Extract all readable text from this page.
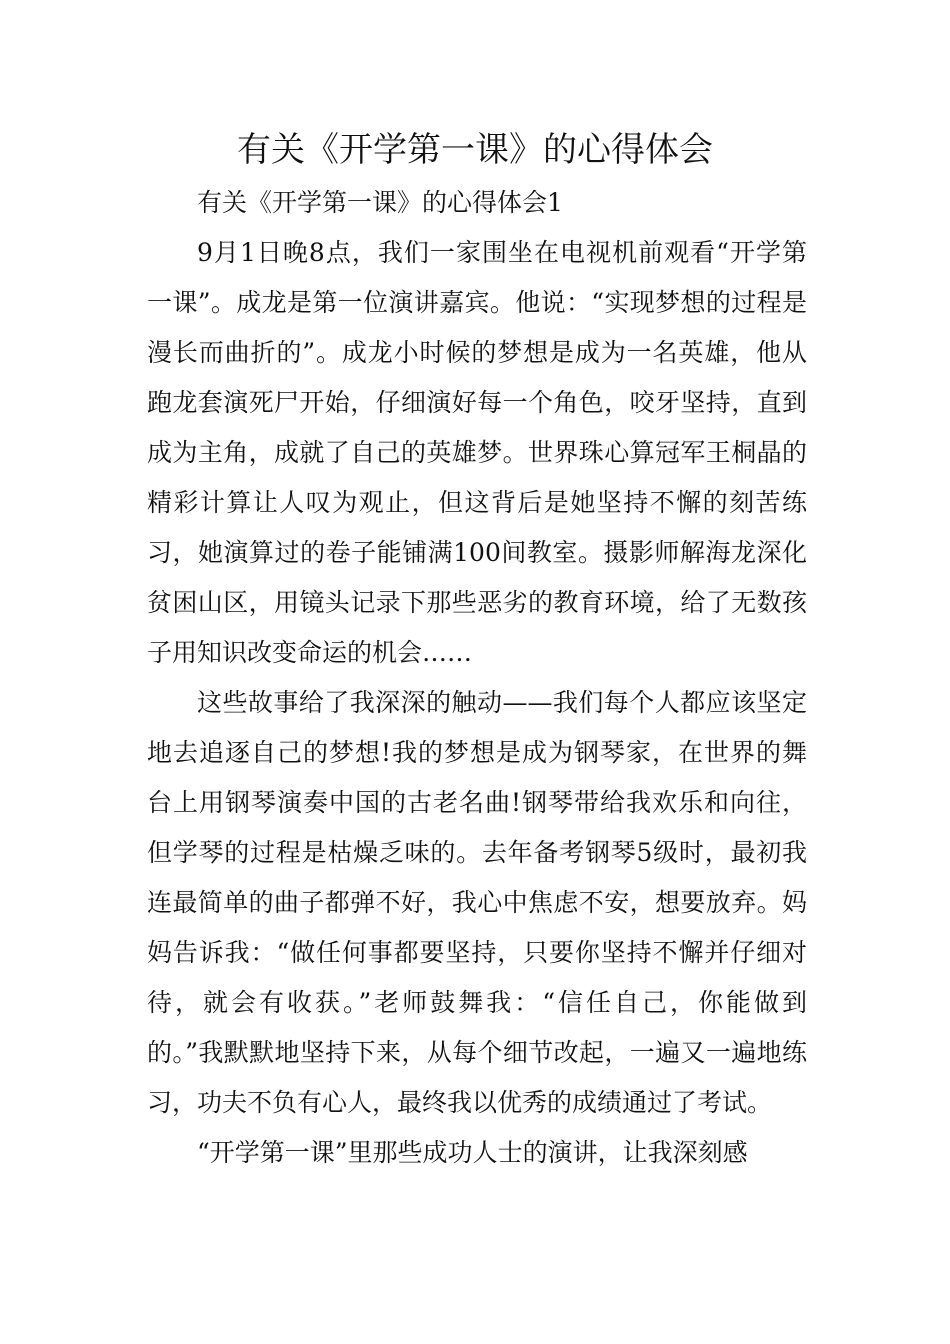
有关《开学第一课》的心得体会

有关《开学第一课》的心得体会1

9月1日晚8点，我们一家围坐在电视机前观看“开学第一课”。成龙是第一位演讲嘉宾。他说：“实现梦想的过程是漫长而曲折的”。成龙小时候的梦想是成为一名英雄，他从跑龙套演死尸开始，仔细演好每一个角色，咬牙坚持，直到成为主角，成就了自己的英雄梦。世界珠心算冠军王桐晶的精彩计算让人叹为观止，但这背后是她坚持不懈的刻苦练习，她演算过的卷子能铺满100间教室。摄影师解海龙深化贫困山区，用镜头记录下那些恶劣的教育环境，给了无数孩子用知识改变命运的机会……

这些故事给了我深深的触动——我们每个人都应该坚定地去追逐自己的梦想!我的梦想是成为钢琴家，在世界的舞台上用钢琴演奏中国的古老名曲!钢琴带给我欢乐和向往，但学琴的过程是枯燥乏味的。去年备考钢琴5级时，最初我连最简单的曲子都弹不好，我心中焦虑不安，想要放弃。妈妈告诉我：“做任何事都要坚持，只要你坚持不懈并仔细对待，就会有收获。”老师鼓舞我：“信任自己，你能做到的。”我默默地坚持下来，从每个细节改起，一遍又一遍地练习，功夫不负有心人，最终我以优秀的成绩通过了考试。

“开学第一课”里那些成功人士的演讲，让我深刻感
